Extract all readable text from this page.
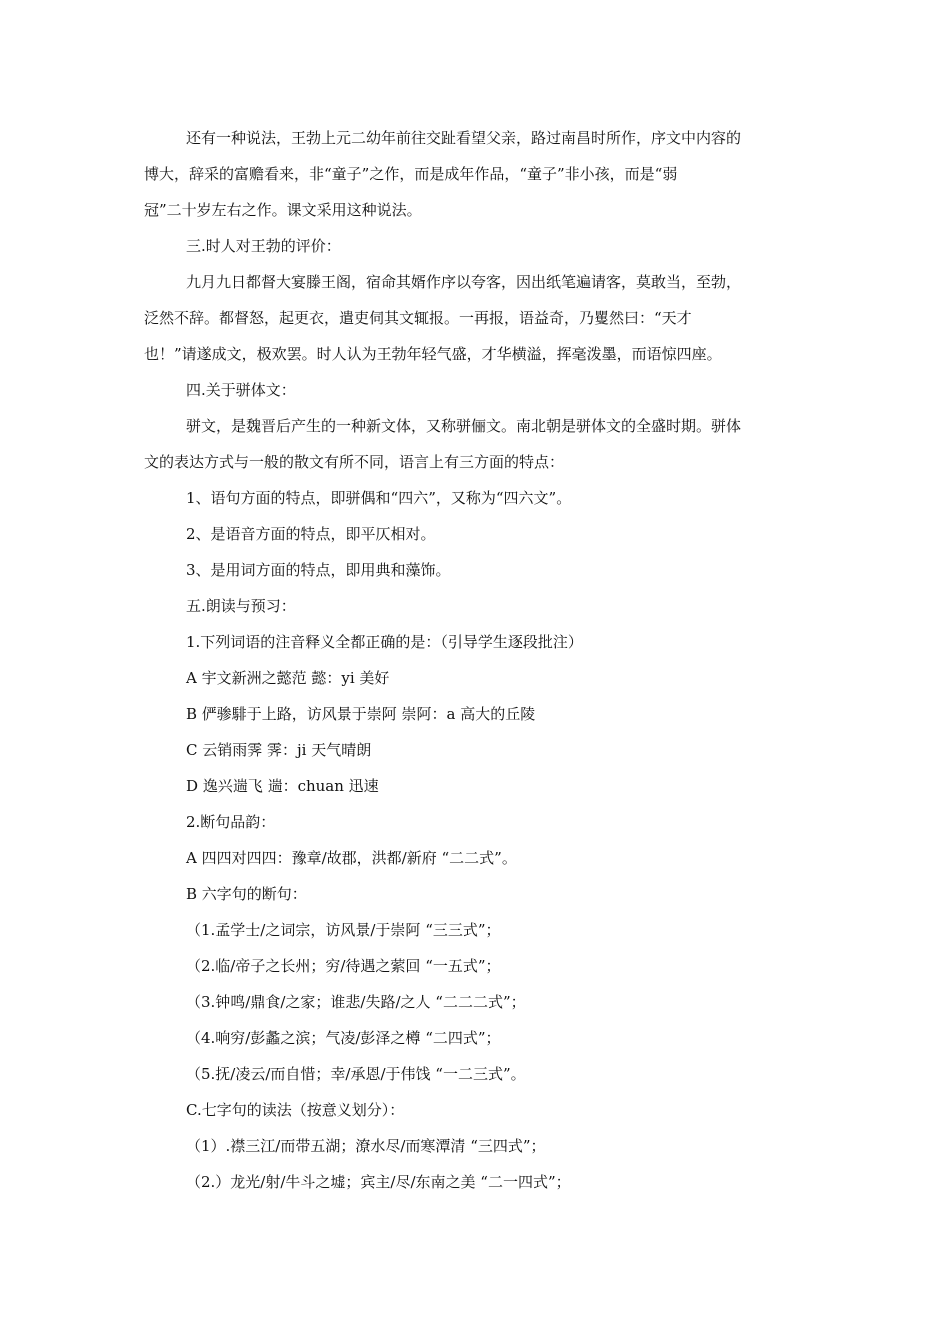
还有一种说法，王勃上元二幼年前往交趾看望父亲，路过南昌时所作，序文中内容的

博大，辞采的富赡看来，非“童子”之作，而是成年作品，“童子”非小孩，而是“弱

冠”二十岁左右之作。课文采用这种说法。

三.时人对王勃的评价：

九月九日都督大宴滕王阁，宿命其婿作序以夸客，因出纸笔遍请客，莫敢当，至勃，

泛然不辞。都督怒，起更衣，遣吏伺其文辄报。一再报，语益奇，乃矍然曰：“天才

也！”请遂成文，极欢罢。时人认为王勃年轻气盛，才华横溢，挥毫泼墨，而语惊四座。

四.关于骈体文：

骈文，是魏晋后产生的一种新文体，又称骈俪文。南北朝是骈体文的全盛时期。骈体

文的表达方式与一般的散文有所不同，语言上有三方面的特点：

1、语句方面的特点，即骈偶和“四六”，又称为“四六文”。

2、是语音方面的特点，即平仄相对。

3、是用词方面的特点，即用典和藻饰。

五.朗读与预习：

1.下列词语的注音释义全都正确的是：（引导学生逐段批注）

A 宇文新洲之懿范 懿：yi 美好

B 俨骖騑于上路，访风景于崇阿 崇阿：a 高大的丘陵

C 云销雨霁 霁：ji 天气晴朗

D 逸兴遄飞 遄：chuan 迅速

2.断句品韵：

A 四四对四四：豫章/故郡，洪都/新府 “二二式”。

B 六字句的断句：

（1.孟学士/之词宗，访风景/于崇阿 “三三式”；

（2.临/帝子之长州；穷/待遇之萦回 “一五式”；

（3.钟鸣/鼎食/之家；谁悲/失路/之人 “二二二式”；

（4.响穷/彭蠡之滨；气凌/彭泽之樽 “二四式”；

（5.抚/凌云/而自惜；幸/承恩/于伟饯 “一二三式”。

C.七字句的读法（按意义划分）：

（1）.襟三江/而带五湖；潦水尽/而寒潭清 “三四式”；

（2.）龙光/射/牛斗之墟；宾主/尽/东南之美 “二一四式”；
